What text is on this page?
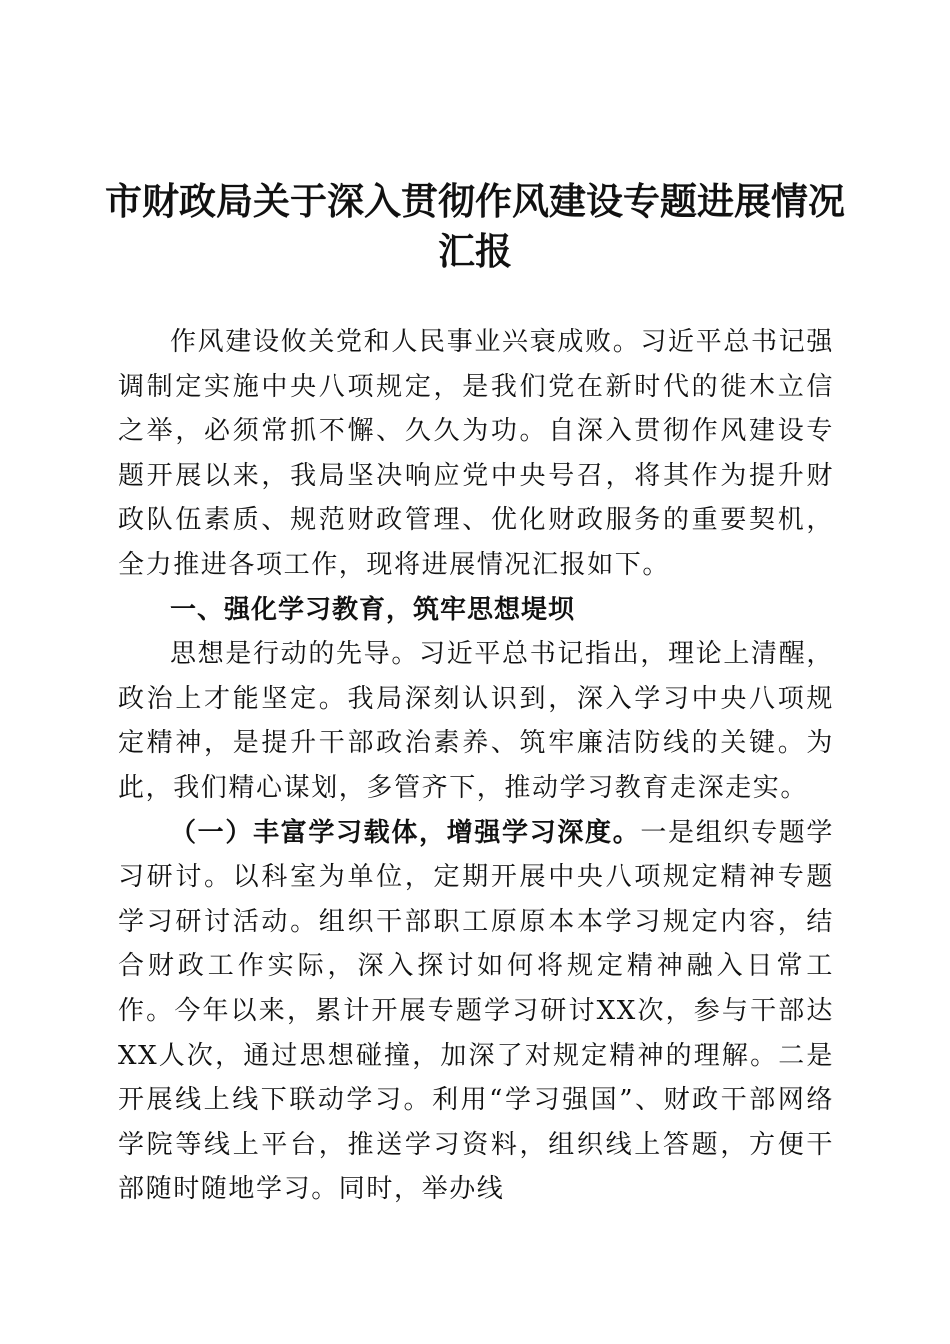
市财政局关于深入贯彻作风建设专题进展情况
汇报

作风建设攸关党和人民事业兴衰成败。习近平总书记强调制定实施中央八项规定，是我们党在新时代的徙木立信之举，必须常抓不懈、久久为功。自深入贯彻作风建设专题开展以来，我局坚决响应党中央号召，将其作为提升财政队伍素质、规范财政管理、优化财政服务的重要契机，全力推进各项工作，现将进展情况汇报如下。

一、强化学习教育，筑牢思想堤坝

思想是行动的先导。习近平总书记指出，理论上清醒，政治上才能坚定。我局深刻认识到，深入学习中央八项规定精神，是提升干部政治素养、筑牢廉洁防线的关键。为此，我们精心谋划，多管齐下，推动学习教育走深走实。

（一）丰富学习载体，增强学习深度。一是组织专题学习研讨。以科室为单位，定期开展中央八项规定精神专题学习研讨活动。组织干部职工原原本本学习规定内容，结合财政工作实际，深入探讨如何将规定精神融入日常工作。今年以来，累计开展专题学习研讨XX次，参与干部达XX人次，通过思想碰撞，加深了对规定精神的理解。二是开展线上线下联动学习。利用“学习强国”、财政干部网络学院等线上平台，推送学习资料，组织线上答题，方便干部随时随地学习。同时，举办线
